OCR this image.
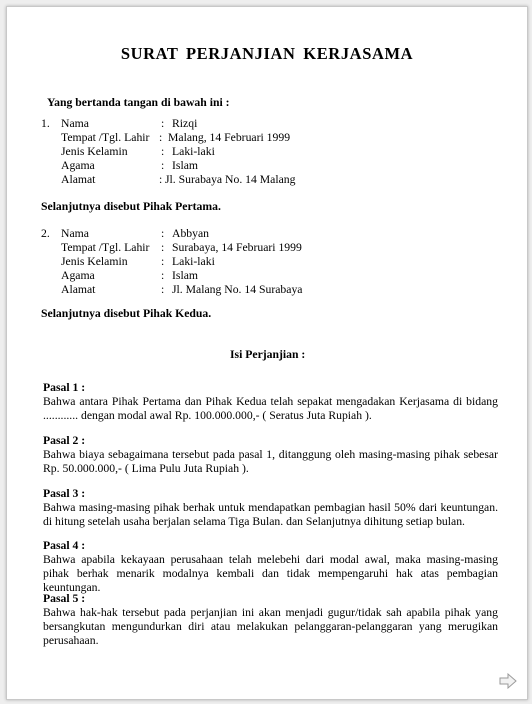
SURAT PERJANJIAN KERJASAMA
Yang bertanda tangan di bawah ini :
1. Nama	: Rizqi
Tempat /Tgl. Lahir : Malang, 14 Februari 1999
Jenis Kelamin	: Laki-laki
Agama	: Islam
Alamat	: Jl. Surabaya No. 14 Malang
Selanjutnya disebut Pihak Pertama.
2. Nama	: Abbyan
Tempat /Tgl. Lahir : Surabaya, 14 Februari 1999
Jenis Kelamin	: Laki-laki
Agama	: Islam
Alamat	: Jl. Malang No. 14 Surabaya
Selanjutnya disebut Pihak Kedua.
Isi Perjanjian :
Pasal 1 :
Bahwa antara Pihak Pertama dan Pihak Kedua telah sepakat mengadakan Kerjasama di bidang ............ dengan modal awal Rp. 100.000.000,- ( Seratus Juta Rupiah ).
Pasal 2 :
Bahwa biaya sebagaimana tersebut pada pasal 1, ditanggung oleh masing-masing pihak sebesar Rp. 50.000.000,- ( Lima Pulu Juta Rupiah ).
Pasal 3 :
Bahwa masing-masing pihak berhak untuk mendapatkan pembagian hasil 50% dari keuntungan. di hitung setelah usaha berjalan selama Tiga Bulan. dan Selanjutnya dihitung setiap bulan.
Pasal 4 :
Bahwa apabila kekayaan perusahaan telah melebehi dari modal awal, maka masing-masing pihak berhak menarik modalnya kembali dan tidak mempengaruhi hak atas pembagian keuntungan.
Pasal 5 :
Bahwa hak-hak tersebut pada perjanjian ini akan menjadi gugur/tidak sah apabila pihak yang bersangkutan mengundurkan diri atau melakukan pelanggaran-pelanggaran yang merugikan perusahaan.
